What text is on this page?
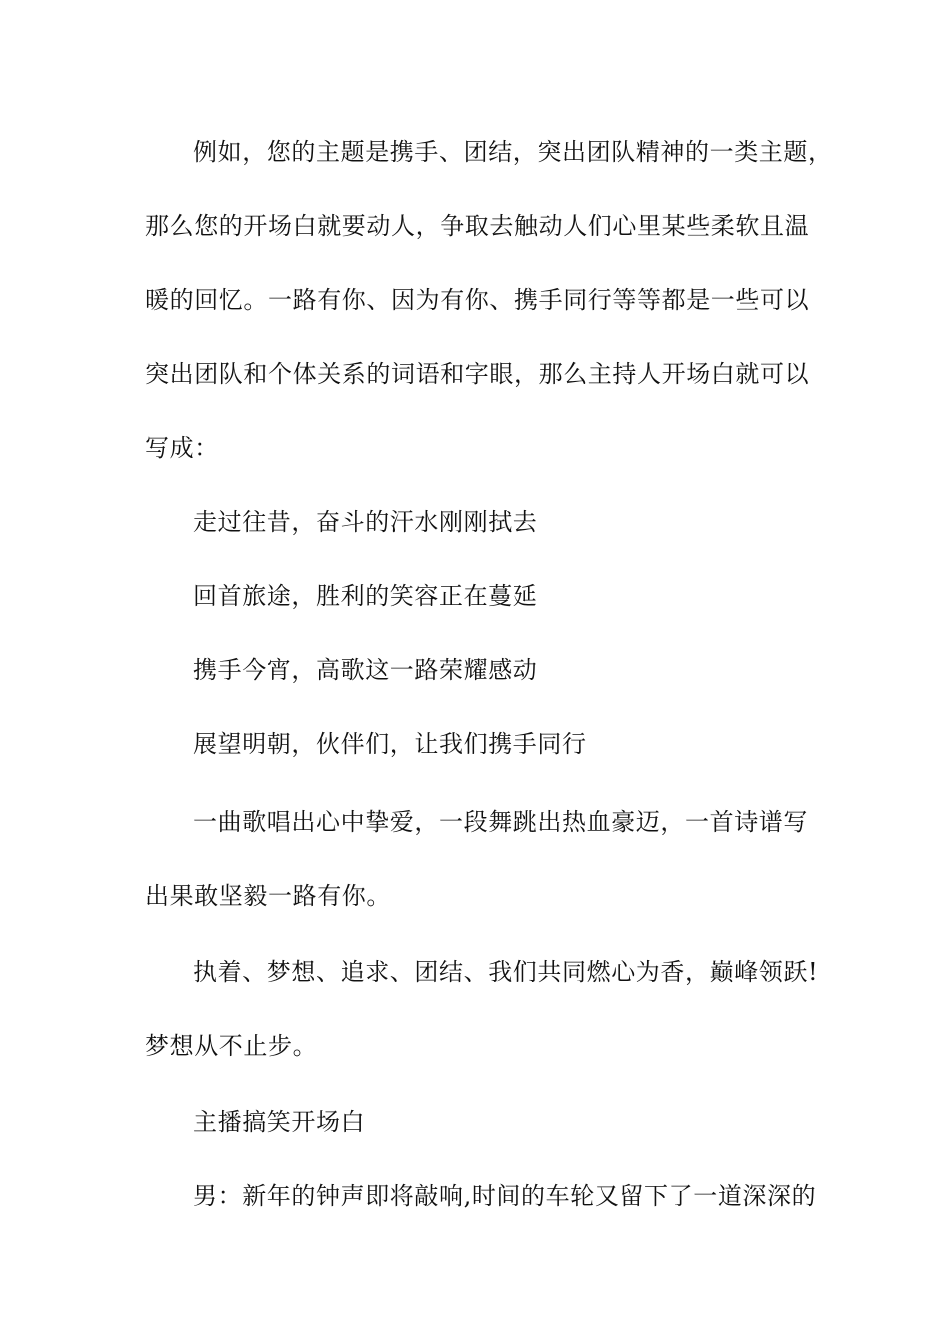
例如，您的主题是携手、团结，突出团队精神的一类主题，
那么您的开场白就要动人，争取去触动人们心里某些柔软且温
暖的回忆。一路有你、因为有你、携手同行等等都是一些可以
突出团队和个体关系的词语和字眼，那么主持人开场白就可以
写成：
走过往昔，奋斗的汗水刚刚拭去
回首旅途，胜利的笑容正在蔓延
携手今宵，高歌这一路荣耀感动
展望明朝，伙伴们，让我们携手同行
一曲歌唱出心中挚爱，一段舞跳出热血豪迈，一首诗谱写
出果敢坚毅一路有你。
执着、梦想、追求、团结、我们共同燃心为香，巅峰领跃!
梦想从不止步。
主播搞笑开场白
男：新年的钟声即将敲响,时间的车轮又留下了一道深深的
